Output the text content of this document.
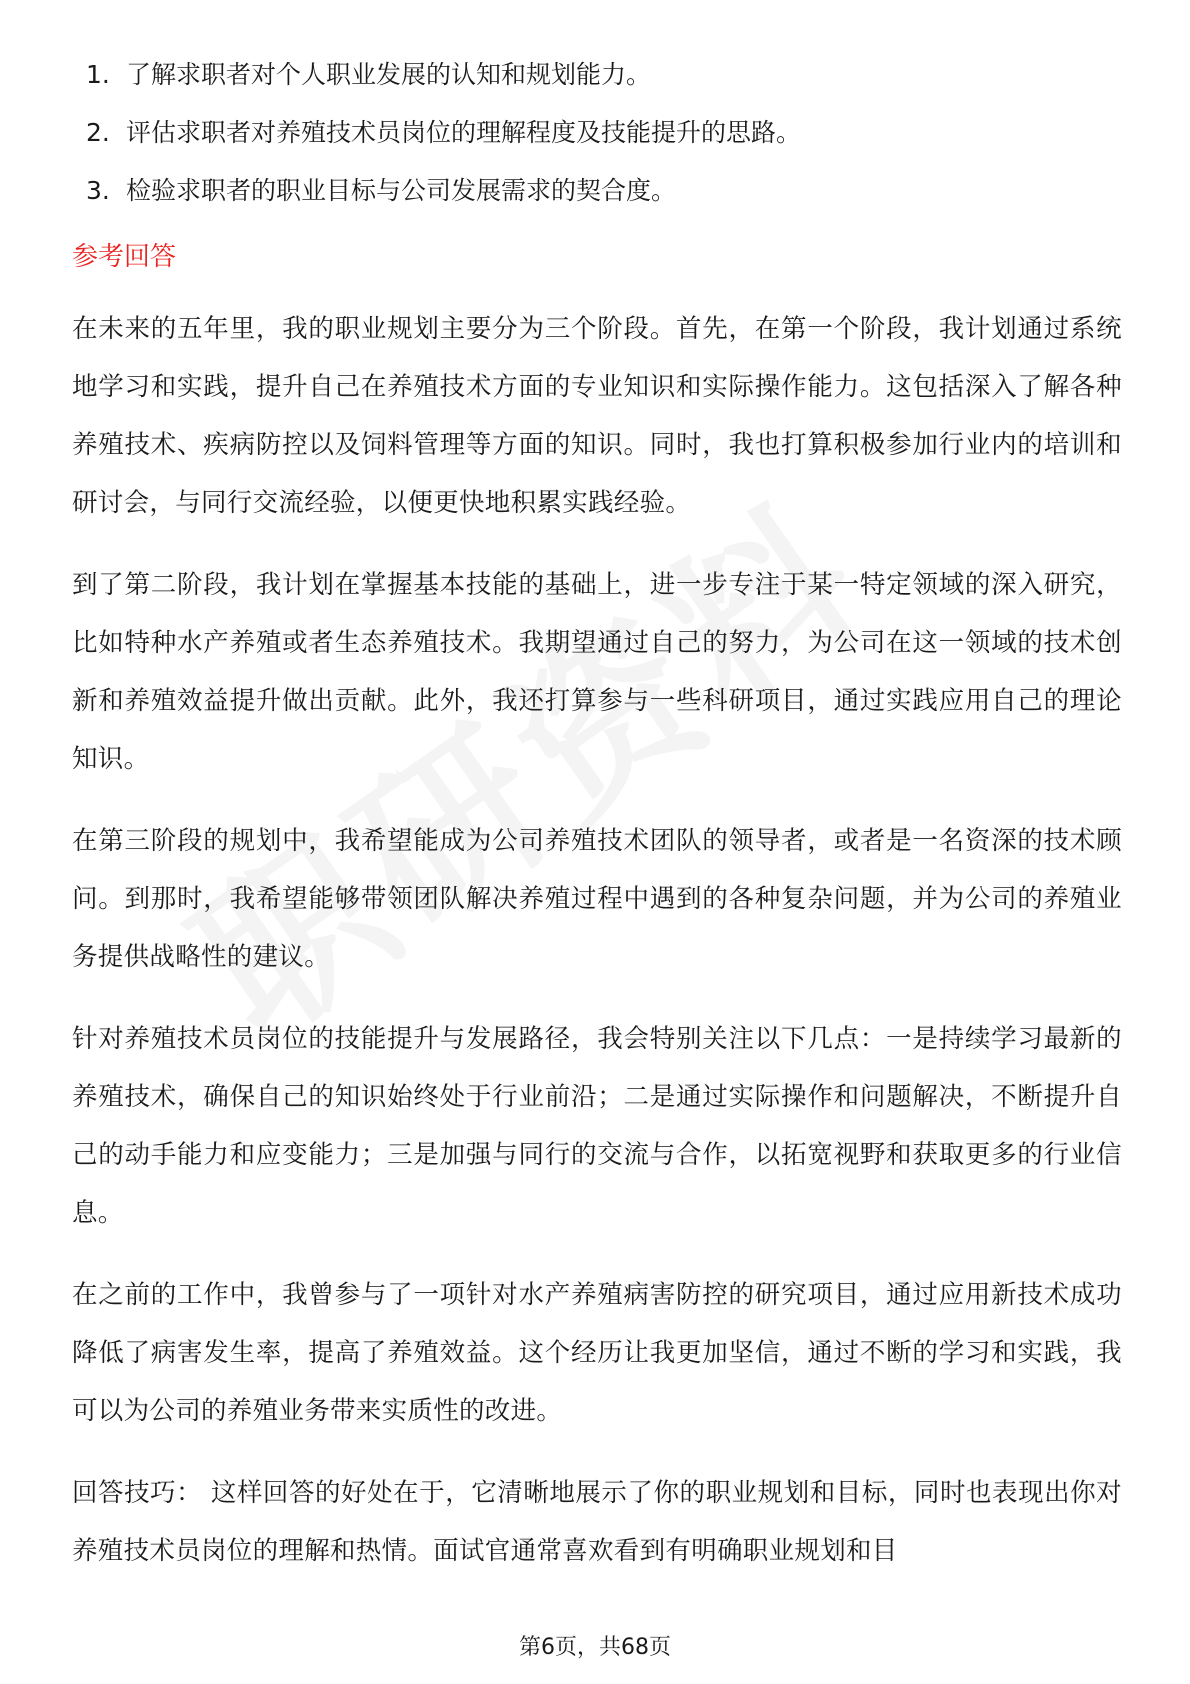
1. 了解求职者对个人职业发展的认知和规划能力。
2. 评估求职者对养殖技术员岗位的理解程度及技能提升的思路。
3. 检验求职者的职业目标与公司发展需求的契合度。
参考回答

在未来的五年里，我的职业规划主要分为三个阶段。首先，在第一个阶段，我计划通过系统地学习和实践，提升自己在养殖技术方面的专业知识和实际操作能力。这包括深入了解各种养殖技术、疾病防控以及饲料管理等方面的知识。同时，我也打算积极参加行业内的培训和研讨会，与同行交流经验，以便更快地积累实践经验。

到了第二阶段，我计划在掌握基本技能的基础上，进一步专注于某一特定领域的深入研究，比如特种水产养殖或者生态养殖技术。我期望通过自己的努力，为公司在这一领域的技术创新和养殖效益提升做出贡献。此外，我还打算参与一些科研项目，通过实践应用自己的理论知识。

在第三阶段的规划中，我希望能成为公司养殖技术团队的领导者，或者是一名资深的技术顾问。到那时，我希望能够带领团队解决养殖过程中遇到的各种复杂问题，并为公司的养殖业务提供战略性的建议。

针对养殖技术员岗位的技能提升与发展路径，我会特别关注以下几点：一是持续学习最新的养殖技术，确保自己的知识始终处于行业前沿；二是通过实际操作和问题解决，不断提升自己的动手能力和应变能力；三是加强与同行的交流与合作，以拓宽视野和获取更多的行业信息。

在之前的工作中，我曾参与了一项针对水产养殖病害防控的研究项目，通过应用新技术成功降低了病害发生率，提高了养殖效益。这个经历让我更加坚信，通过不断的学习和实践，我可以为公司的养殖业务带来实质性的改进。

回答技巧： 这样回答的好处在于，它清晰地展示了你的职业规划和目标，同时也表现出你对养殖技术员岗位的理解和热情。面试官通常喜欢看到有明确职业规划和目

第6页，共68页
